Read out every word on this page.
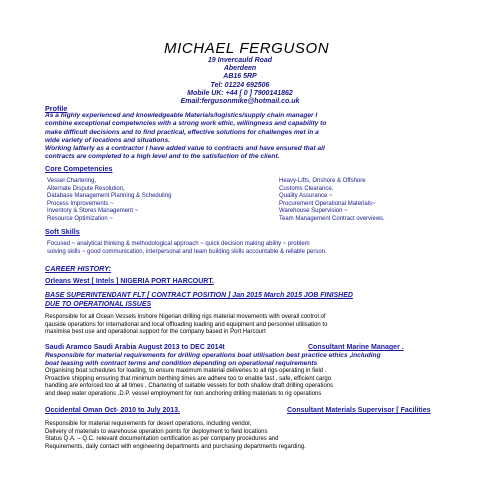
MICHAEL FERGUSON
19 Invercauld Road
Aberdeen
AB16 5RP
Tel: 01224 692506
Mobile UK: +44 [ 0 ] 7900141862
Email:fergusonmike@hotmail.co.uk
Profile
As a highly experienced and knowledgeable Materials/logistics/supply chain manager I
combine exceptional competencies with a strong work ethic, willingness and capability to
make difficult decisions and to find practical, effective solutions for challenges met in a
wide variety of locations and situations.
Working latterly as a contractor I have added value to contracts and have ensured that all
contracts are completed to a high level and to the satisfaction of the client.
Core Competencies
Vessel Chartering,
Alternate Dispute Resolution,
Database Management Planning & Scheduling
Process Improvements ~
Inventory & Stores Management ~
Resource Optimization ~
Heavy-Lifts, Onshore & Offshore
Customs Clearance,
Quality Assurance ~
Procurement Operational Materials~
Warehouse Supervision ~
Team Management Contract overviews.
Soft Skills
Focused ~ analytical thinking & methodological approach ~ quick decision making ability ~ problem
solving skills ~ good communication, interpersonal and team building skills accountable & reliable person.
CAREER HISTORY:
Orleans West [ Intels ] NIGERIA PORT HARCOURT.
BASE SUPERINTENDANT FLT [ CONTRACT POSITION ] Jan 2015 March 2015 JOB FINISHED
DUE TO OPERATIONAL ISSUES
Responsible for all Ocean Vessels inshore Nigerian drilling rigs material movements with overall control of
qauside operations for international and local offloading loading and equipment and personnel utilisation to
maximise best use and operational support for the company based in Port Harcourt
Saudi Aramco Saudi Arabia August 2013 to DEC 2014t	Consultant Marine Manager .
Responsible for material requirements for drilling operations boat utilisation best practice ethics ,including
boat leasing with contract terms and condition depending on operational requirements
Organising boat schedules for loading, to ensure maximum material deliveries to all rigs operating in field .
Proactive shipping ensuring that minimum berthing times are adhere too to enable fast , safe, efficient cargo
handling are enforced too at all times , Chartering of suitable vessels for both shallow draft drilling operations
and deep water operations ,D.P. vessel employment for non anchoring drilling materials to rig operations
Occidental Oman Oct- 2010 to July 2013.	Consultant Materials Supervisor [ Facilities
Responsible for material requirements for desert operations, including vendor,
Delivery of materials to warehouse operation points for deployment to field locations
Status Q.A. – Q.C. relevant documentation certification as per company procedures and
Requirements, daily contact with engineering departments and purchasing departments regarding.
